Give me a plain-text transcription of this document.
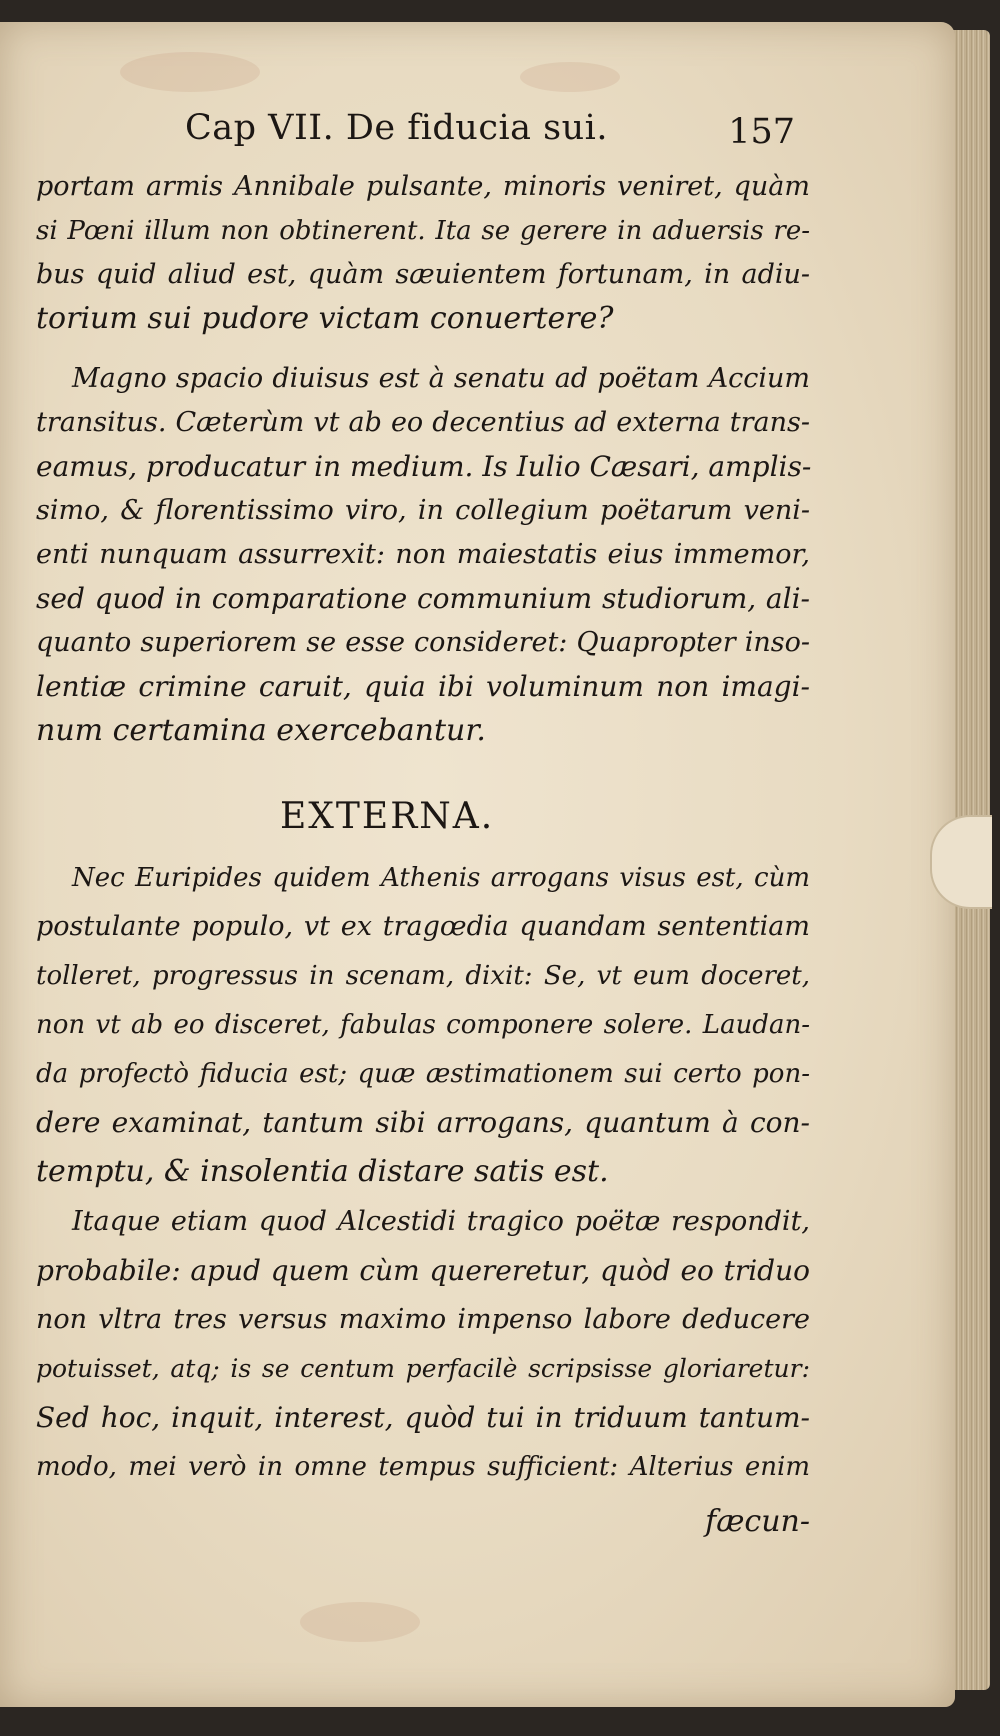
Cap VII. De fiducia sui.	157
portam armis Annibale pulsante, minoris veniret, quàm
si Pœni illum non obtinerent. Ita se gerere in aduersis re-
bus quid aliud est, quàm sæuientem fortunam, in adiu-
torium sui pudore victam conuertere?
Magno spacio diuisus est à senatu ad poëtam Accium
transitus. Cæterùm vt ab eo decentius ad externa trans-
eamus, producatur in medium. Is Iulio Cæsari, amplis-
simo, & florentissimo viro, in collegium poëtarum veni-
enti nunquam assurrexit: non maiestatis eius immemor,
sed quod in comparatione communium studiorum, ali-
quanto superiorem se esse consideret: Quapropter inso-
lentiæ crimine caruit, quia ibi voluminum non imagi-
num certamina exercebantur.
EXTERNA.
Nec Euripides quidem Athenis arrogans visus est, cùm
postulante populo, vt ex tragœdia quandam sententiam
tolleret, progressus in scenam, dixit: Se, vt eum doceret,
non vt ab eo disceret, fabulas componere solere. Laudan-
da profectò fiducia est; quæ æstimationem sui certo pon-
dere examinat, tantum sibi arrogans, quantum à con-
temptu, & insolentia distare satis est.
Itaque etiam quod Alcestidi tragico poëtæ respondit,
probabile: apud quem cùm quereretur, quòd eo triduo
non vltra tres versus maximo impenso labore deducere
potuisset, atq; is se centum perfacilè scripsisse gloriaretur:
Sed hoc, inquit, interest, quòd tui in triduum tantum-
modo, mei verò in omne tempus sufficient: Alterius enim
fæcun-
